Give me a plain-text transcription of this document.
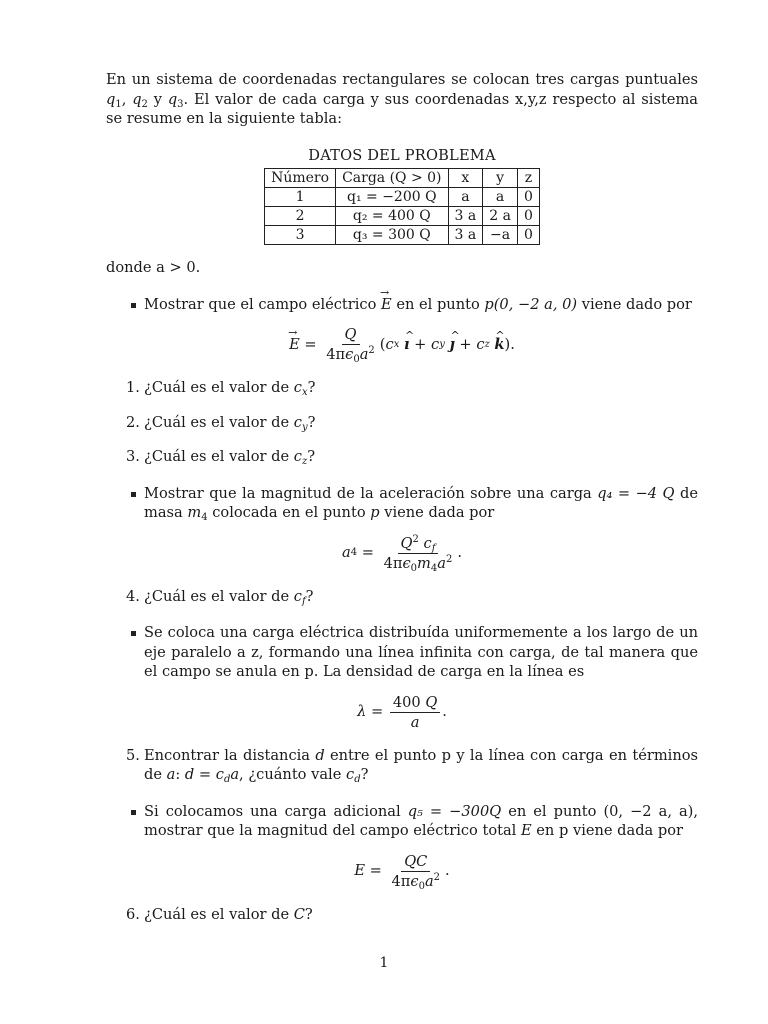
En un sistema de coordenadas rectangulares se colocan tres cargas puntuales $q_1$, $q_2$ y $q_3$. El valor de cada carga y sus coordenadas x,y,z respecto al sistema se resume en la siguiente tabla:
DATOS DEL PROBLEMA
Número	Carga (Q > 0)	x	y	z
1	q₁ = −200 Q	a	a	0
2	q₂ = 400 Q	3 a	2 a	0
3	q₃ = 300 Q	3 a	−a	0
donde a > 0.
Mostrar que el campo eléctrico → E en el punto p(0, −2 a, 0) viene dado por
→ $E = \frac{Q}{4\pi\epsilon_0a^2}$ ( c x
^ ı + c y
^ ȷ + c z
^ k ).
1. ¿Cuál es el valor de $c_x$?
2. ¿Cuál es el valor de $c_y$?
3. ¿Cuál es el valor de $c_z$?
Mostrar que la magnitud de la aceleración sobre una carga q₄ = −4 Q de masa $m_4$ colocada en el punto p viene dada por
a $4 = \frac{Q^2 c_f}{4\pi\epsilon_0m_4a^2}$ .
4. ¿Cuál es el valor de $c_f$?
Se coloca una carga eléctrica distribuída uniformemente a los largo de un eje paralelo a z, formando una línea infinita con carga, de tal manera que el campo se anula en p. La densidad de carga en la línea es
$\lambda = \frac{400 Q}{a}$ .
5. Encontrar la distancia d entre el punto p y la línea con carga en términos de a: $d = c_da$, ¿cuánto vale $c_d$?
Si colocamos una carga adicional q₅ = −300Q en el punto (0, −2 a, a), mostrar que la magnitud del campo eléctrico total E en p viene dada por
$E = \frac{QC}{4\pi\epsilon_0a^2}$ .
6. ¿Cuál es el valor de C?
1
